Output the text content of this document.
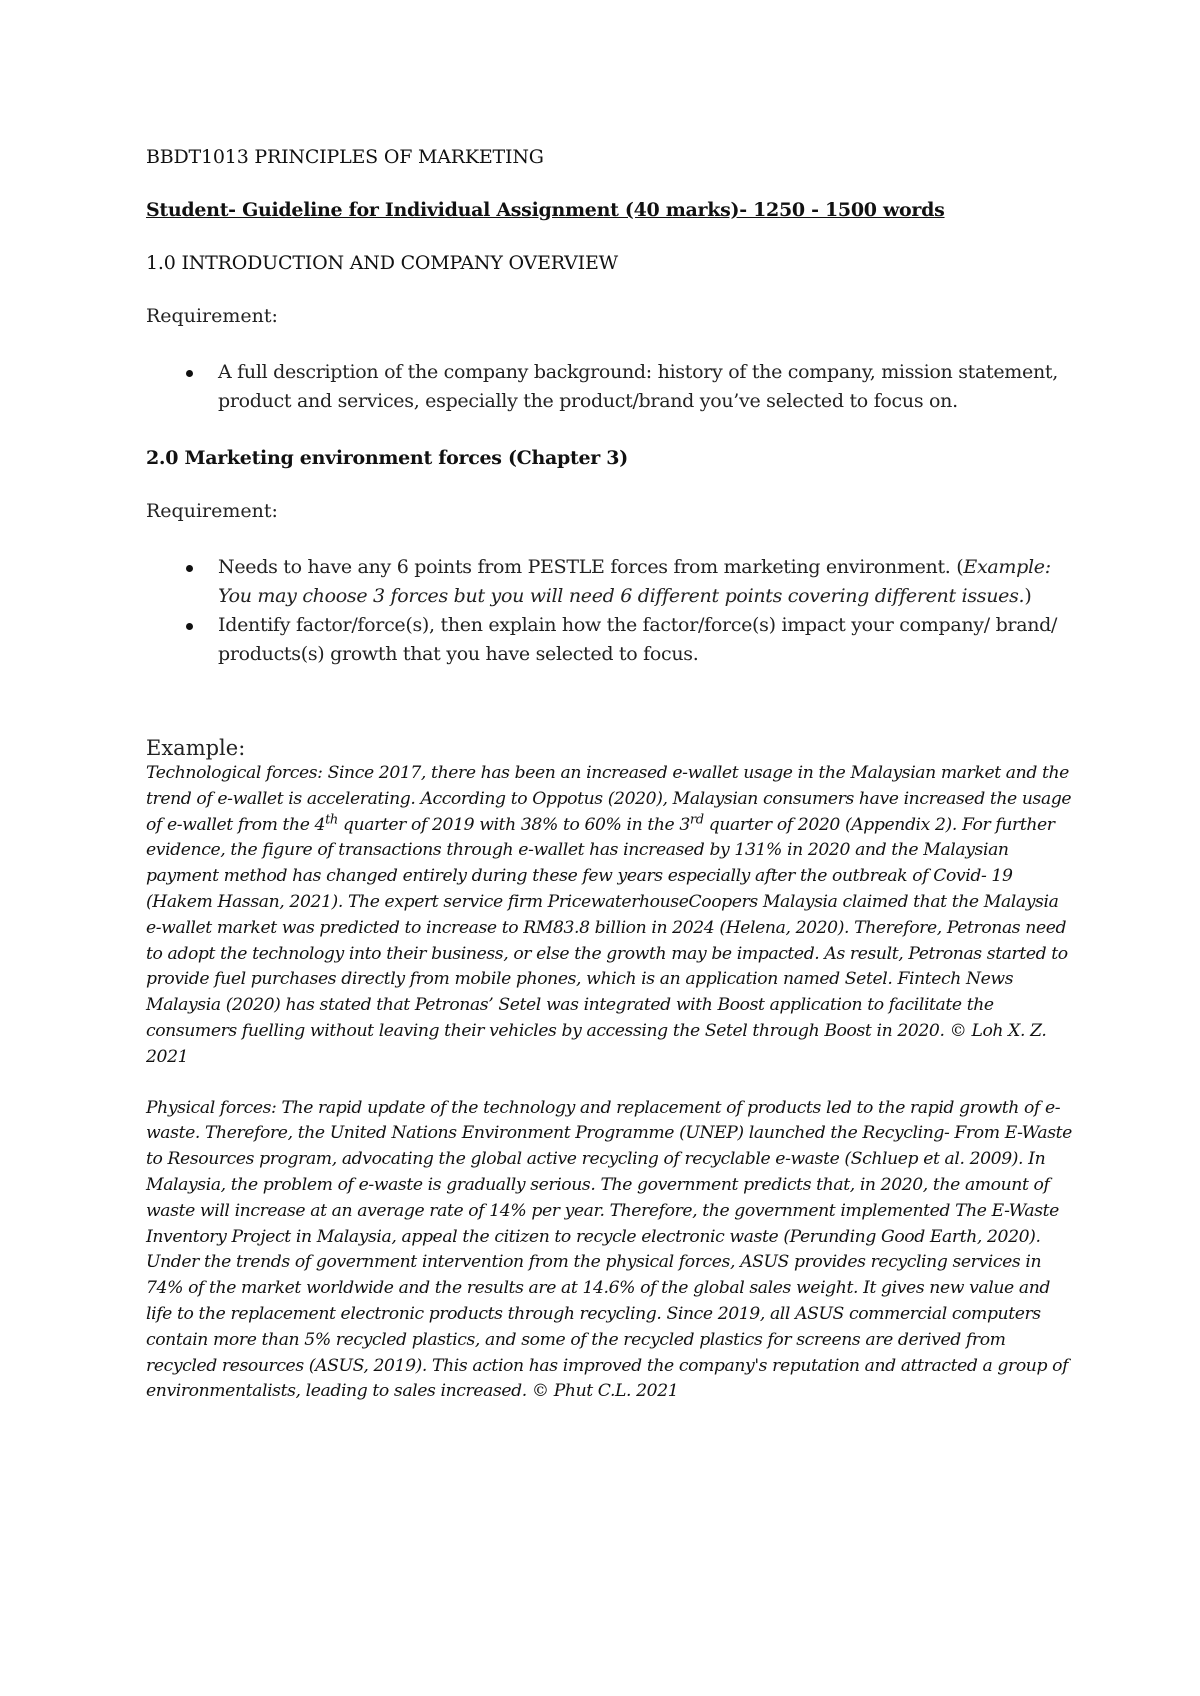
BBDT1013 PRINCIPLES OF MARKETING
Student- Guideline for Individual Assignment (40 marks)- 1250 - 1500 words
1.0 INTRODUCTION AND COMPANY OVERVIEW
Requirement:
A full description of the company background: history of the company, mission statement, product and services, especially the product/brand you’ve selected to focus on.
2.0 Marketing environment forces (Chapter 3)
Requirement:
Needs to have any 6 points from PESTLE forces from marketing environment. (Example: You may choose 3 forces but you will need 6 different points covering different issues.)
Identify factor/force(s), then explain how the factor/force(s) impact your company/ brand/ products(s) growth that you have selected to focus.
Example:

Technological forces: Since 2017, there has been an increased e-wallet usage in the Malaysian market and the trend of e-wallet is accelerating. According to Oppotus (2020), Malaysian consumers have increased the usage of e-wallet from the 4th quarter of 2019 with 38% to 60% in the 3rd quarter of 2020 (Appendix 2). For further evidence, the figure of transactions through e-wallet has increased by 131% in 2020 and the Malaysian payment method has changed entirely during these few years especially after the outbreak of Covid- 19 (Hakem Hassan, 2021). The expert service firm PricewaterhouseCoopers Malaysia claimed that the Malaysia e-wallet market was predicted to increase to RM83.8 billion in 2024 (Helena, 2020). Therefore, Petronas need to adopt the technology into their business, or else the growth may be impacted. As result, Petronas started to provide fuel purchases directly from mobile phones, which is an application named Setel. Fintech News Malaysia (2020) has stated that Petronas’ Setel was integrated with Boost application to facilitate the consumers fuelling without leaving their vehicles by accessing the Setel through Boost in 2020. © Loh X. Z. 2021

Physical forces: The rapid update of the technology and replacement of products led to the rapid growth of e-waste. Therefore, the United Nations Environment Programme (UNEP) launched the Recycling- From E-Waste to Resources program, advocating the global active recycling of recyclable e-waste (Schluep et al. 2009). In Malaysia, the problem of e-waste is gradually serious. The government predicts that, in 2020, the amount of waste will increase at an average rate of 14% per year. Therefore, the government implemented The E-Waste Inventory Project in Malaysia, appeal the citizen to recycle electronic waste (Perunding Good Earth, 2020). Under the trends of government intervention from the physical forces, ASUS provides recycling services in 74% of the market worldwide and the results are at 14.6% of the global sales weight. It gives new value and life to the replacement electronic products through recycling. Since 2019, all ASUS commercial computers contain more than 5% recycled plastics, and some of the recycled plastics for screens are derived from recycled resources (ASUS, 2019). This action has improved the company's reputation and attracted a group of environmentalists, leading to sales increased. © Phut C.L. 2021
